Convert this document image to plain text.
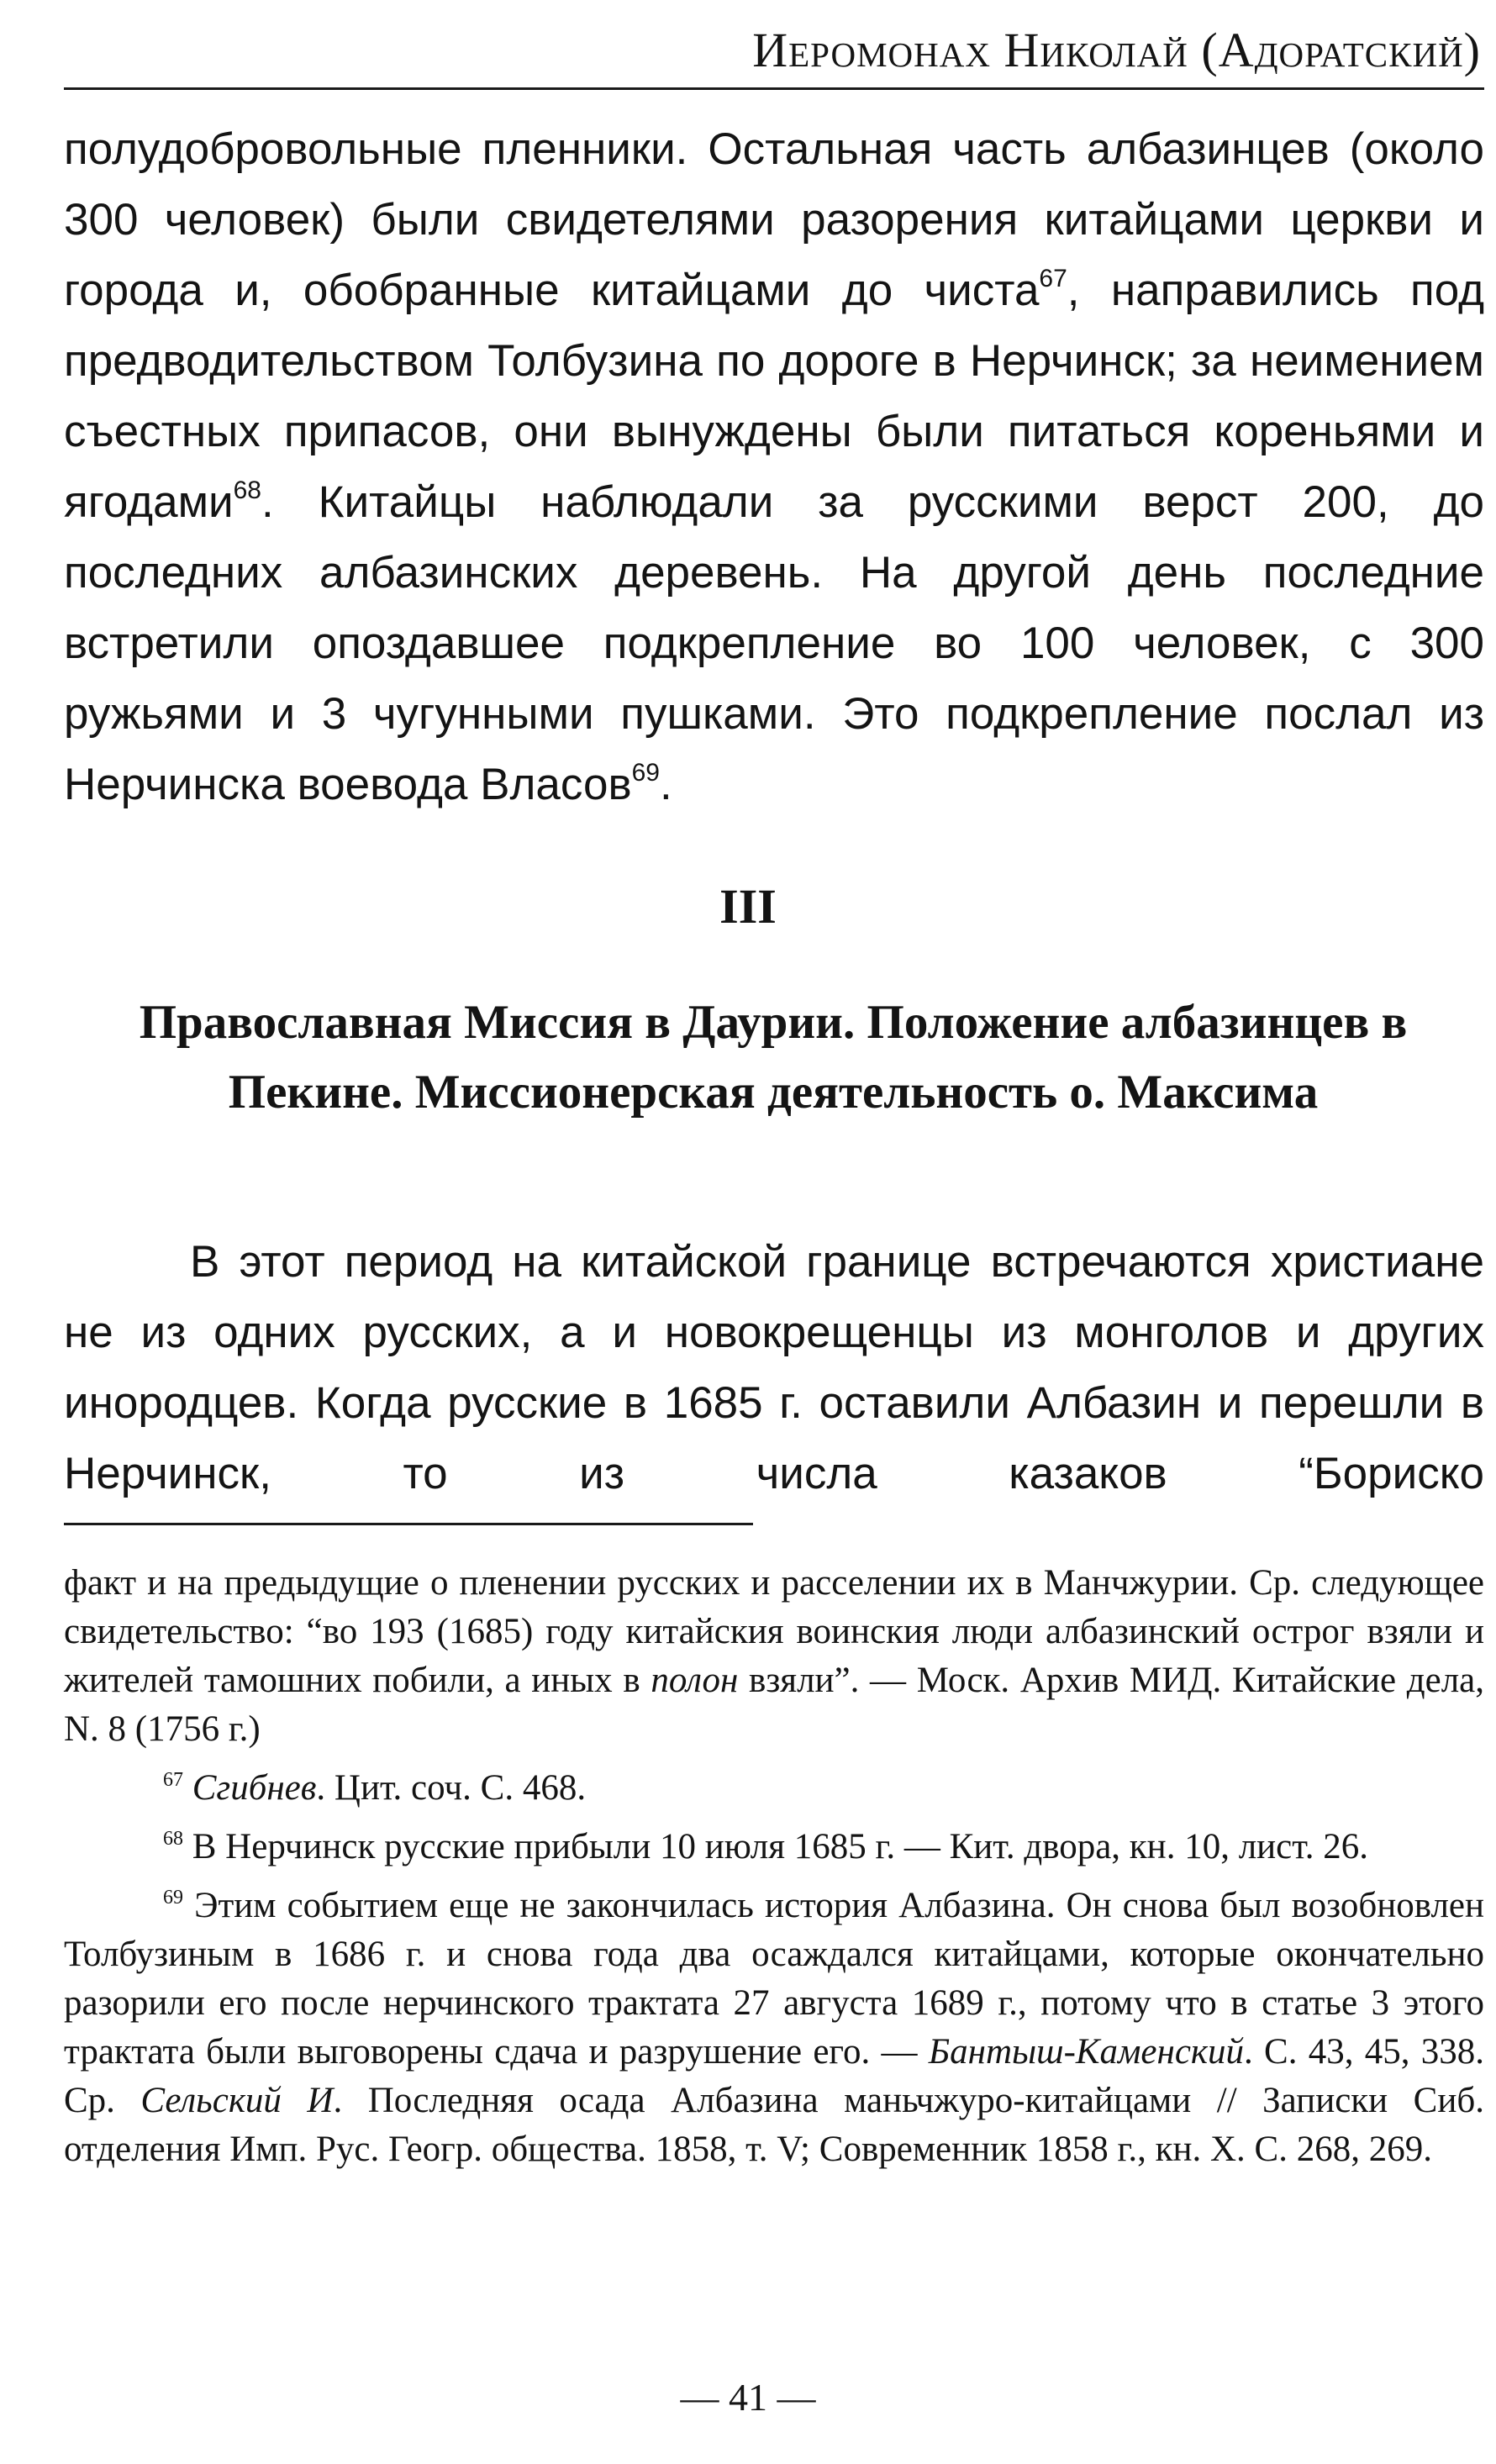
Иеромонах Николай (Адоратский)
полудобровольные пленники. Остальная часть албазинцев (около 300 человек) были свидетелями разорения китайцами церкви и города и, обобранные китайцами до чиста$^{67}$, направились под предводительством Толбузина по дороге в Нерчинск; за неимением съестных припасов, они вынуждены были питаться кореньями и ягодами$^{68}$. Китайцы наблюдали за русскими верст 200, до последних албазинских деревень. На другой день последние встретили опоздавшее подкрепление во 100 человек, с 300 ружьями и 3 чугунными пушками. Это подкрепление послал из Нерчинска воевода Власов$^{69}$.
III
Православная Миссия в Даурии. Положение албазинцев в Пекине. Миссионерская деятельность о. Максима
В этот период на китайской границе встречаются христиане не из одних русских, а и новокрещенцы из монголов и других инородцев. Когда русские в 1685 г. оставили Албазин и перешли в Нерчинск, то из числа казаков “Бориско

факт и на предыдущие о пленении русских и расселении их в Манчжурии. Ср. следующее свидетельство: “во 193 (1685) году китайския воинския люди албазинский острог взяли и жителей тамошних побили, а иных в полон взяли”. — Моск. Архив МИД. Китайские дела, N. 8 (1756 г.)

$^{67}$ Сгибнев. Цит. соч. С. 468.

$^{68}$ В Нерчинск русские прибыли 10 июля 1685 г. — Кит. двора, кн. 10, лист. 26.

$^{69}$ Этим событием еще не закончилась история Албазина. Он снова был возобновлен Толбузиным в 1686 г. и снова года два осаждался китайцами, которые окончательно разорили его после нерчинского трактата 27 августа 1689 г., потому что в статье 3 этого трактата были выговорены сдача и разрушение его. — Бантыш-Каменский. С. 43, 45, 338. Ср. Сельский И. Последняя осада Албазина маньчжуро-китайцами // Записки Сиб. отделения Имп. Рус. Геогр. общества. 1858, т. V; Современник 1858 г., кн. X. С. 268, 269.

— 41 —
